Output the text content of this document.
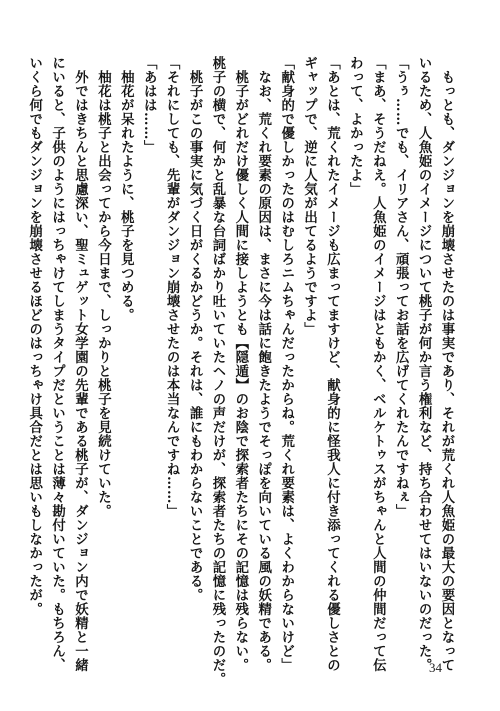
　もっとも、ダンジョンを崩壊させたのは事実であり、それが荒くれ人魚姫の最大の要因となって
いるため、人魚姫のイメージについて桃子が何か言う権利など、持ち合わせてはいないのだった。
「うぅ……でも、イリアさん、頑張ってお話を広げてくれたんですねぇ」
「まあ、そうだねえ。人魚姫のイメージはともかく、ベルケトゥスがちゃんと人間の仲間だって伝
わって、よかったよ」
「あとは、荒くれたイメージも広まってますけど、献身的に怪我人に付き添ってくれる優しさとの
ギャップで、逆に人気が出てるようですよ」
「献身的で優しかったのはむしろニムちゃんだったからね。荒くれ要素は、よくわからないけど」
　なお、荒くれ要素の原因は、まさに今は話に飽きたようでそっぽを向いている風の妖精である。
　桃子がどれだけ優しく人間に接しようとも【隠遁】のお陰で探索者たちにその記憶は残らない。
桃子の横で、何かと乱暴な台詞ばかり吐いていたヘノの声だけが、探索者たちの記憶に残ったのだ。
　桃子がこの事実に気づく日がくるかどうか。それは、誰にもわからないことである。
「それにしても、先輩がダンジョン崩壊させたのは本当なんですね……」
「あはは……」
　柚花が呆れたように、桃子を見つめる。
　柚花は桃子と出会ってから今日まで、しっかりと桃子を見続けていた。
　外ではきちんと思慮深い、聖ミュゲット女学園の先輩である桃子が、ダンジョン内で妖精と一緒
にいると、子供のようにはっちゃけてしまうタイプだということは薄々勘付いていた。もちろん、
いくら何でもダンジョンを崩壊させるほどのはっちゃけ具合だとは思いもしなかったが。
34
